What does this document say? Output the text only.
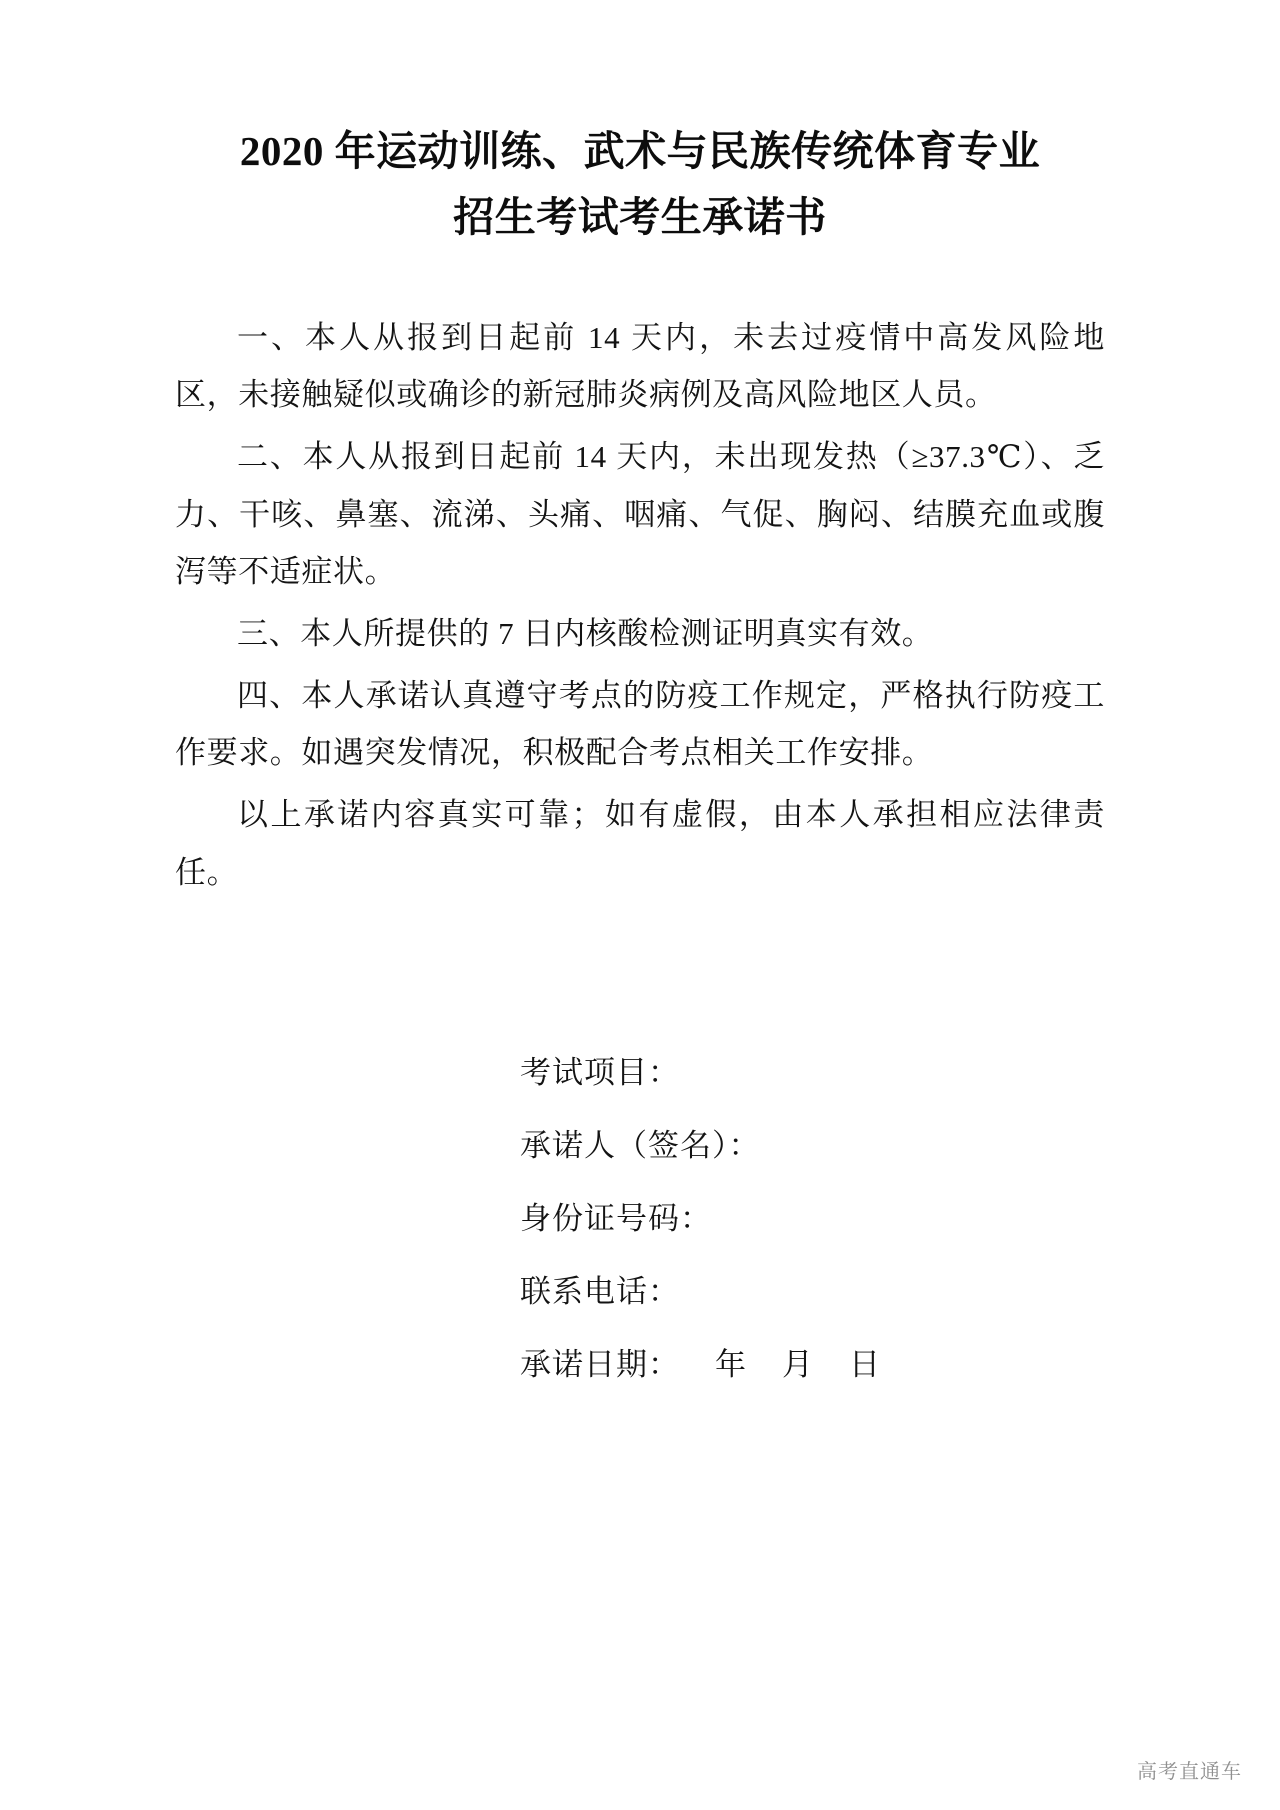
2020 年运动训练、武术与民族传统体育专业
招生考试考生承诺书

一、本人从报到日起前 14 天内，未去过疫情中高发风险地区，未接触疑似或确诊的新冠肺炎病例及高风险地区人员。

二、本人从报到日起前 14 天内，未出现发热（≥37.3℃）、乏力、干咳、鼻塞、流涕、头痛、咽痛、气促、胸闷、结膜充血或腹泻等不适症状。

三、本人所提供的 7 日内核酸检测证明真实有效。

四、本人承诺认真遵守考点的防疫工作规定，严格执行防疫工作要求。如遇突发情况，积极配合考点相关工作安排。

以上承诺内容真实可靠；如有虚假，由本人承担相应法律责任。

考试项目：
承诺人（签名）：
身份证号码：
联系电话：
承诺日期：    年    月    日
高考直通车
